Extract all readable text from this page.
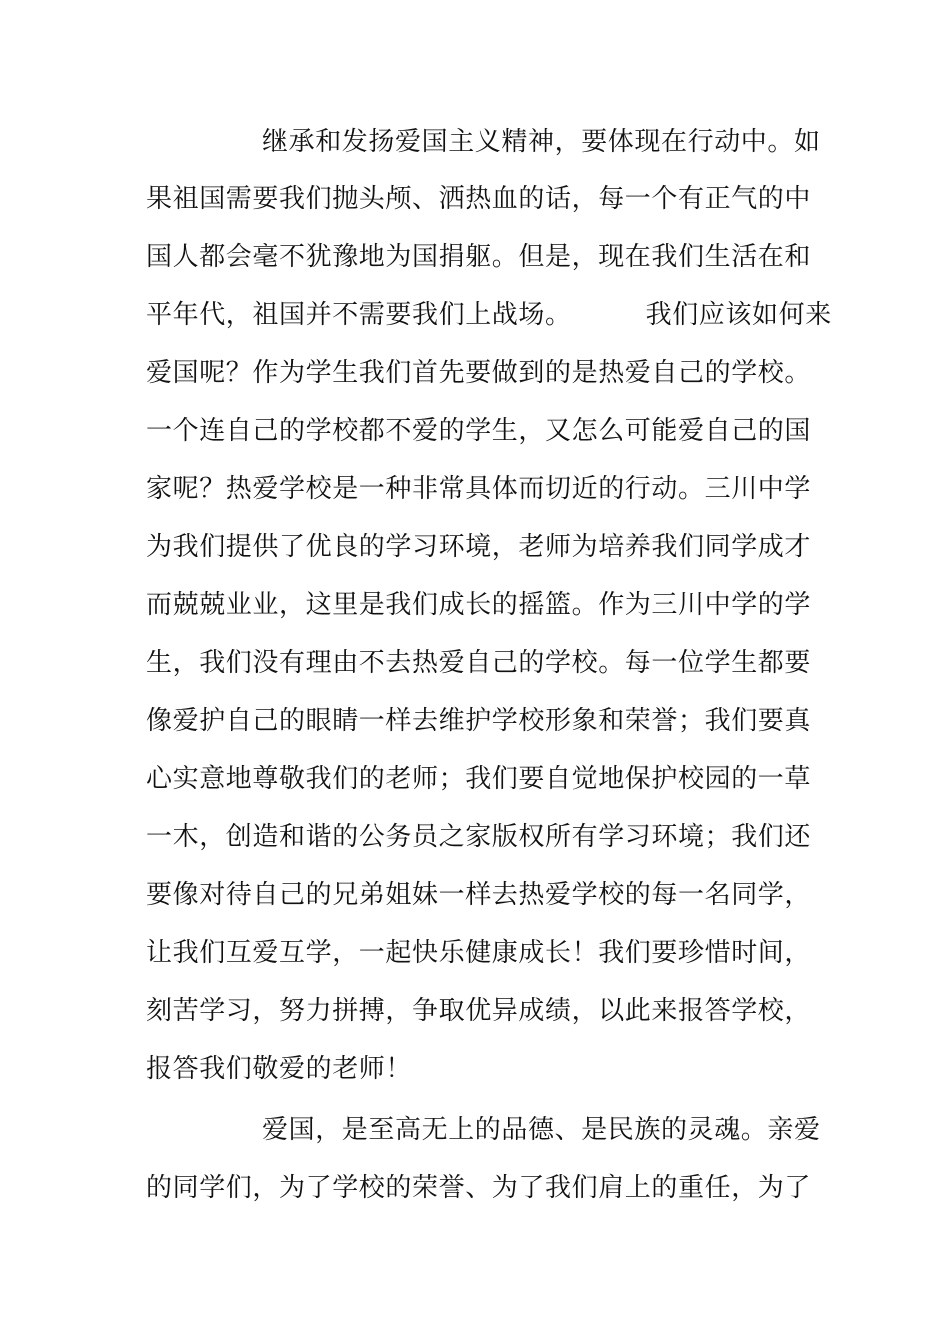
继承和发扬爱国主义精神，要体现在行动中。如
果祖国需要我们抛头颅、洒热血的话，每一个有正气的中
国人都会毫不犹豫地为国捐躯。但是，现在我们生活在和
平年代，祖国并不需要我们上战场。	我们应该如何来
爱国呢？作为学生我们首先要做到的是热爱自己的学校。
一个连自己的学校都不爱的学生，又怎么可能爱自己的国
家呢？热爱学校是一种非常具体而切近的行动。三川中学
为我们提供了优良的学习环境，老师为培养我们同学成才
而兢兢业业，这里是我们成长的摇篮。作为三川中学的学
生，我们没有理由不去热爱自己的学校。每一位学生都要
像爱护自己的眼睛一样去维护学校形象和荣誉；我们要真
心实意地尊敬我们的老师；我们要自觉地保护校园的一草
一木，创造和谐的公务员之家版权所有学习环境；我们还
要像对待自己的兄弟姐妹一样去热爱学校的每一名同学，
让我们互爱互学，一起快乐健康成长！我们要珍惜时间，
刻苦学习，努力拼搏，争取优异成绩，以此来报答学校，
报答我们敬爱的老师！
爱国，是至高无上的品德、是民族的灵魂。亲爱
的同学们，为了学校的荣誉、为了我们肩上的重任，为了
